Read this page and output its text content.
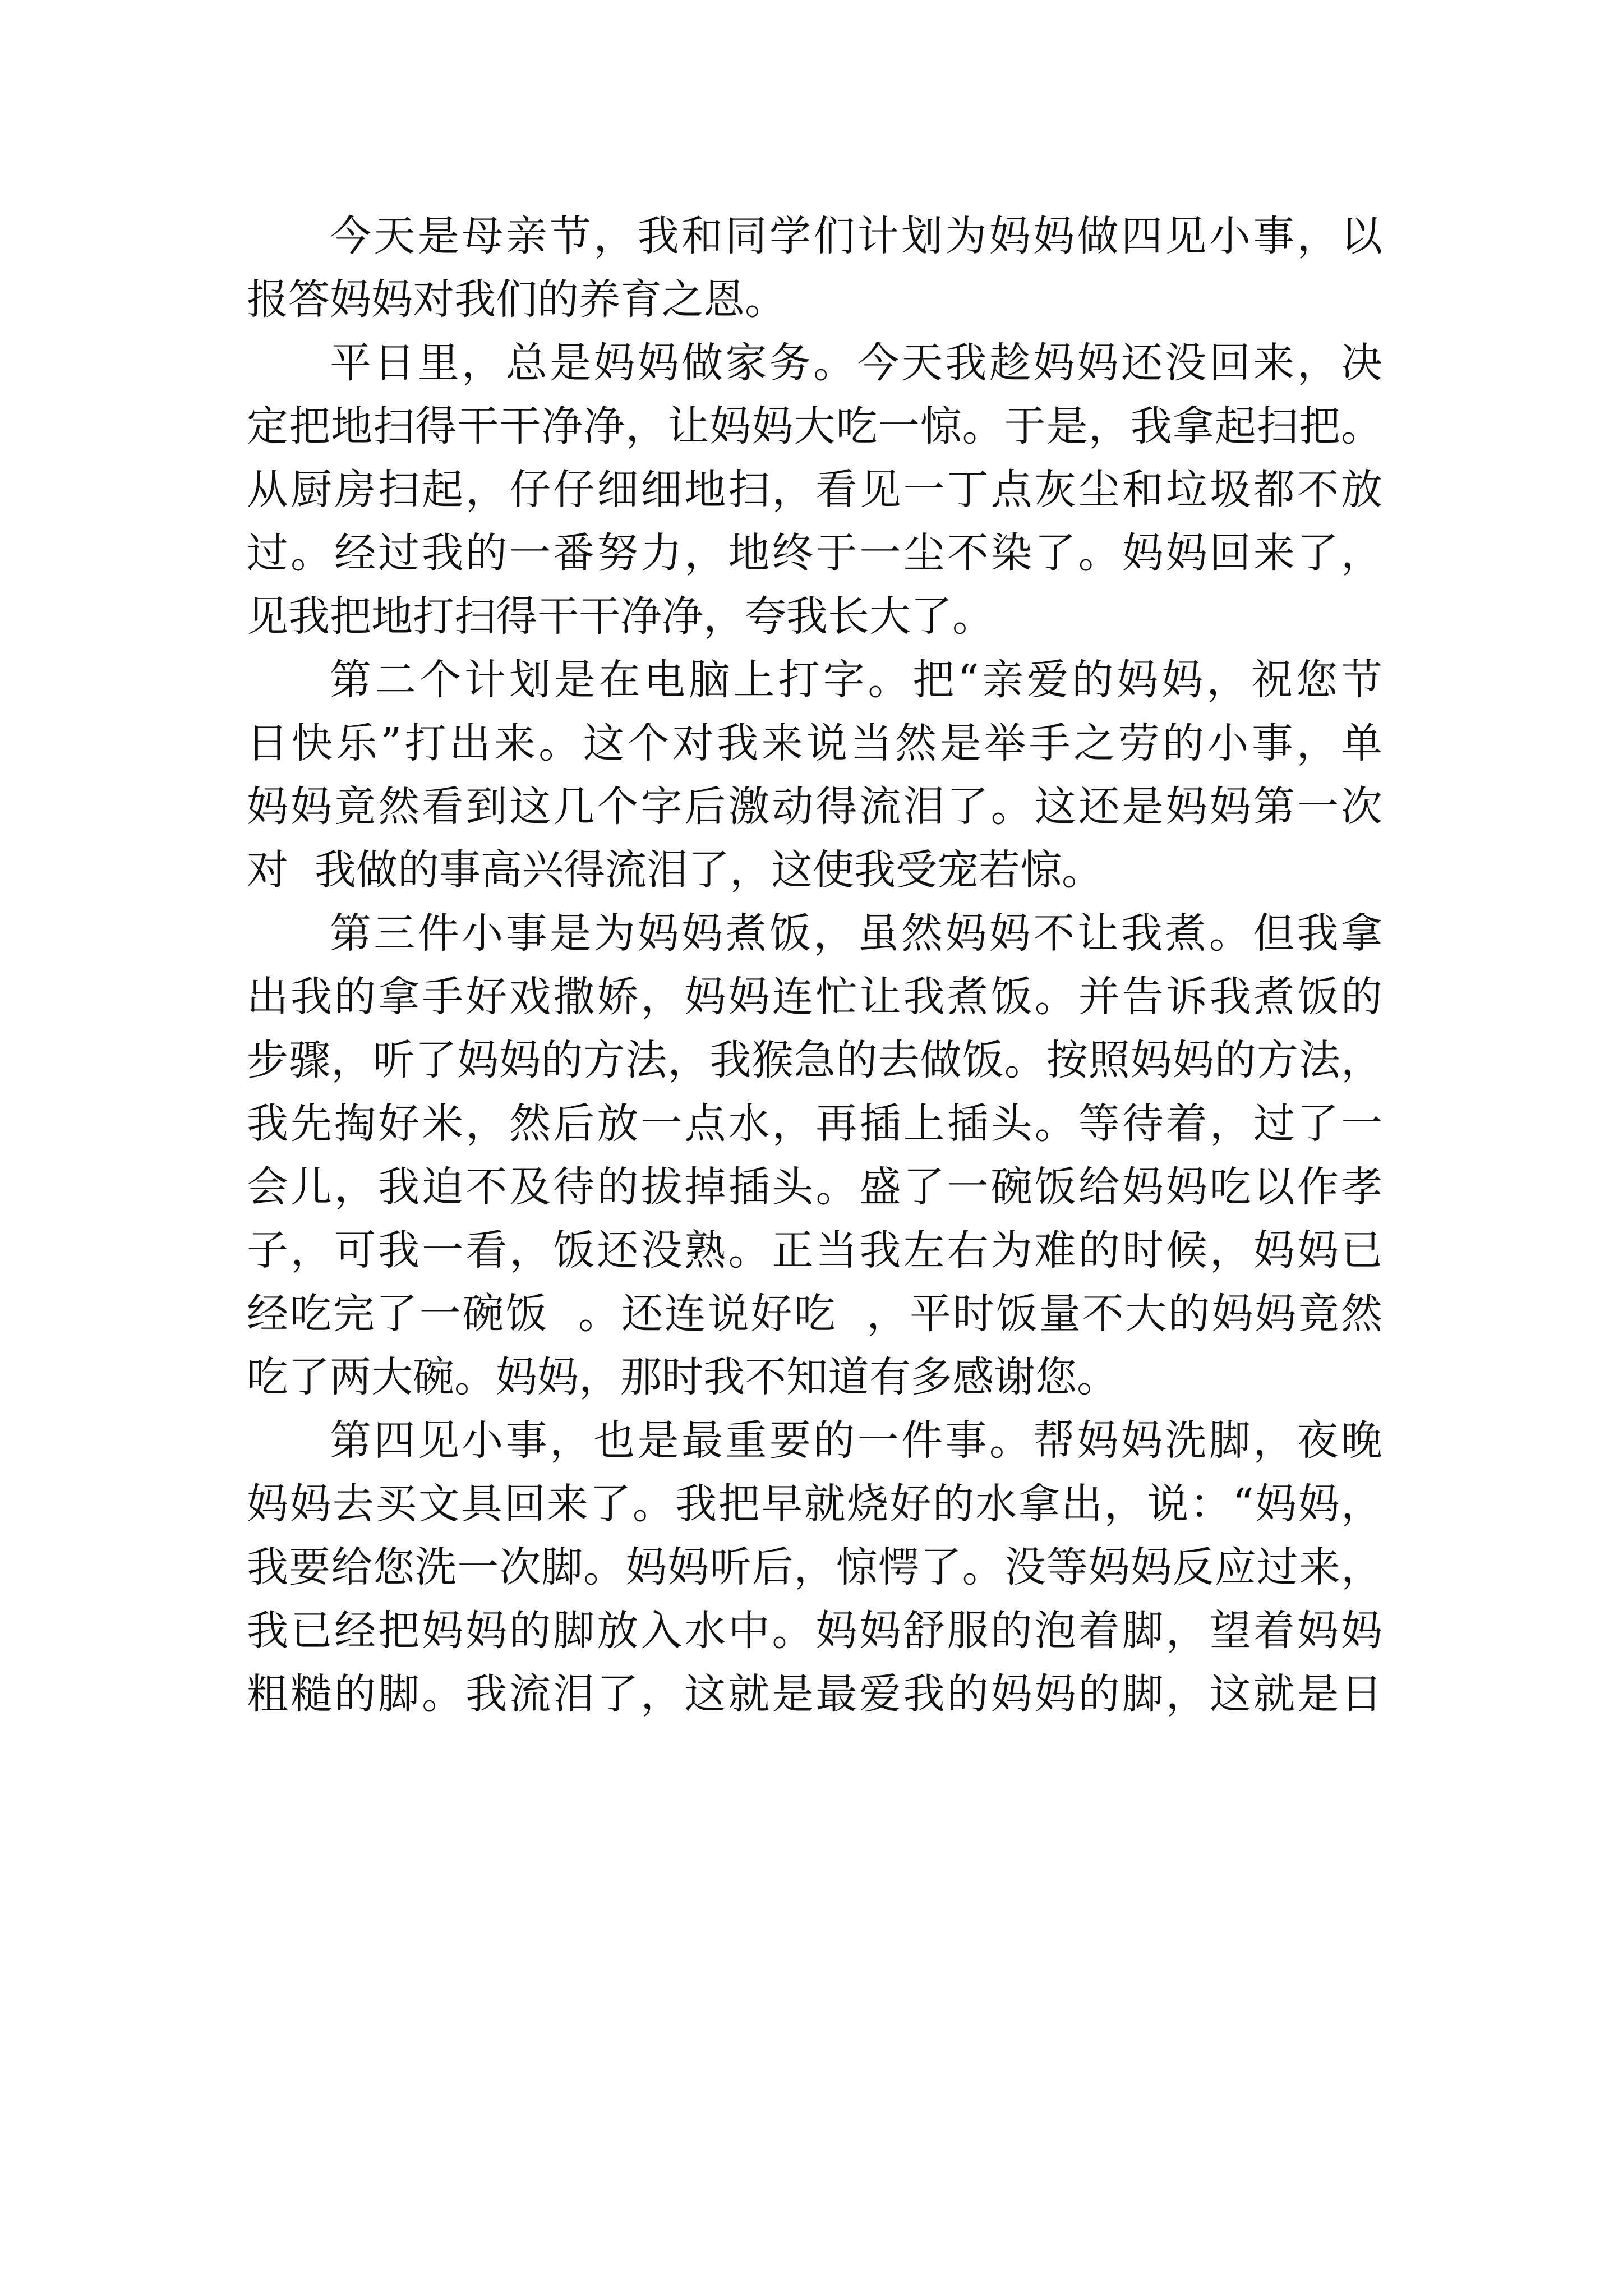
今天是母亲节，我和同学们计划为妈妈做四见小事，以
报答妈妈对我们的养育之恩。
平日里，总是妈妈做家务。今天我趁妈妈还没回来，决
定把地扫得干干净净，让妈妈大吃一惊。于是，我拿起扫把。
从厨房扫起，仔仔细细地扫，看见一丁点灰尘和垃圾都不放
过。经过我的一番努力，地终于一尘不染了。妈妈回来了，
见我把地打扫得干干净净，夸我长大了。
第二个计划是在电脑上打字。把“亲爱的妈妈，祝您节
日快乐”打出来。这个对我来说当然是举手之劳的小事，单
妈妈竟然看到这几个字后激动得流泪了。这还是妈妈第一次
对  我做的事高兴得流泪了，这使我受宠若惊。
第三件小事是为妈妈煮饭，虽然妈妈不让我煮。但我拿
出我的拿手好戏撒娇，妈妈连忙让我煮饭。并告诉我煮饭的
步骤，听了妈妈的方法，我猴急的去做饭。按照妈妈的方法，
我先掏好米，然后放一点水，再插上插头。等待着，过了一
会儿，我迫不及待的拔掉插头。盛了一碗饭给妈妈吃以作孝
子，可我一看，饭还没熟。正当我左右为难的时候，妈妈已
经吃完了一碗饭  。还连说好吃  ，平时饭量不大的妈妈竟然
吃了两大碗。妈妈，那时我不知道有多感谢您。
第四见小事，也是最重要的一件事。帮妈妈洗脚，夜晚
妈妈去买文具回来了。我把早就烧好的水拿出，说：“妈妈，
我要给您洗一次脚。妈妈听后，惊愕了。没等妈妈反应过来，
我已经把妈妈的脚放入水中。妈妈舒服的泡着脚，望着妈妈
粗糙的脚。我流泪了，这就是最爱我的妈妈的脚，这就是日
